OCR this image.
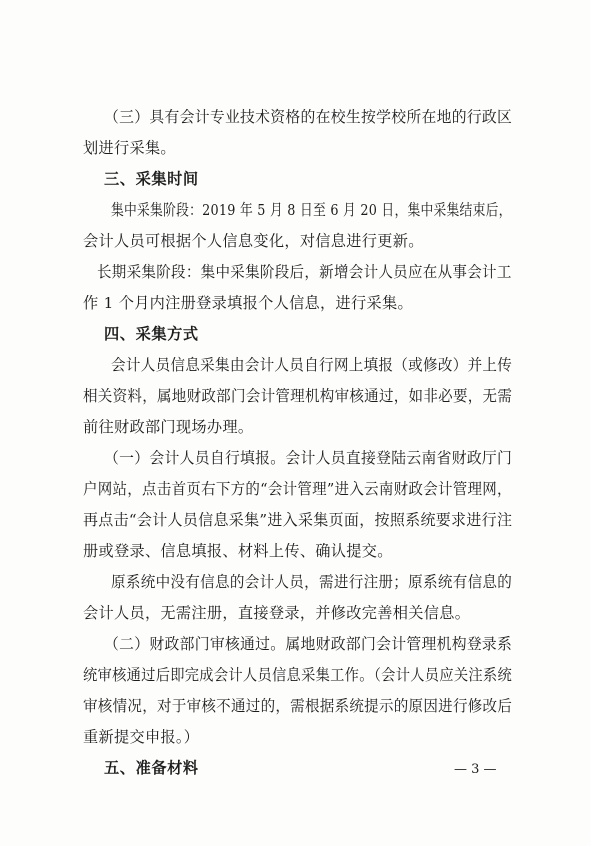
（三）具有会计专业技术资格的在校生按学校所在地的行政区
划进行采集。
三、采集时间
集中采集阶段：2019 年 5 月 8 日至 6 月 20 日，集中采集结束后，
会计人员可根据个人信息变化，对信息进行更新。
长期采集阶段：集中采集阶段后，新增会计人员应在从事会计工
作 1 个月内注册登录填报个人信息，进行采集。
四、采集方式
会计人员信息采集由会计人员自行网上填报（或修改）并上传
相关资料，属地财政部门会计管理机构审核通过，如非必要，无需
前往财政部门现场办理。
（一）会计人员自行填报。会计人员直接登陆云南省财政厅门
户网站，点击首页右下方的“会计管理”进入云南财政会计管理网，
再点击“会计人员信息采集”进入采集页面，按照系统要求进行注
册或登录、信息填报、材料上传、确认提交。
原系统中没有信息的会计人员，需进行注册；原系统有信息的
会计人员，无需注册，直接登录，并修改完善相关信息。
（二）财政部门审核通过。属地财政部门会计管理机构登录系
统审核通过后即完成会计人员信息采集工作。（会计人员应关注系统
审核情况，对于审核不通过的，需根据系统提示的原因进行修改后
重新提交申报。）
五、准备材料	— 3 —
